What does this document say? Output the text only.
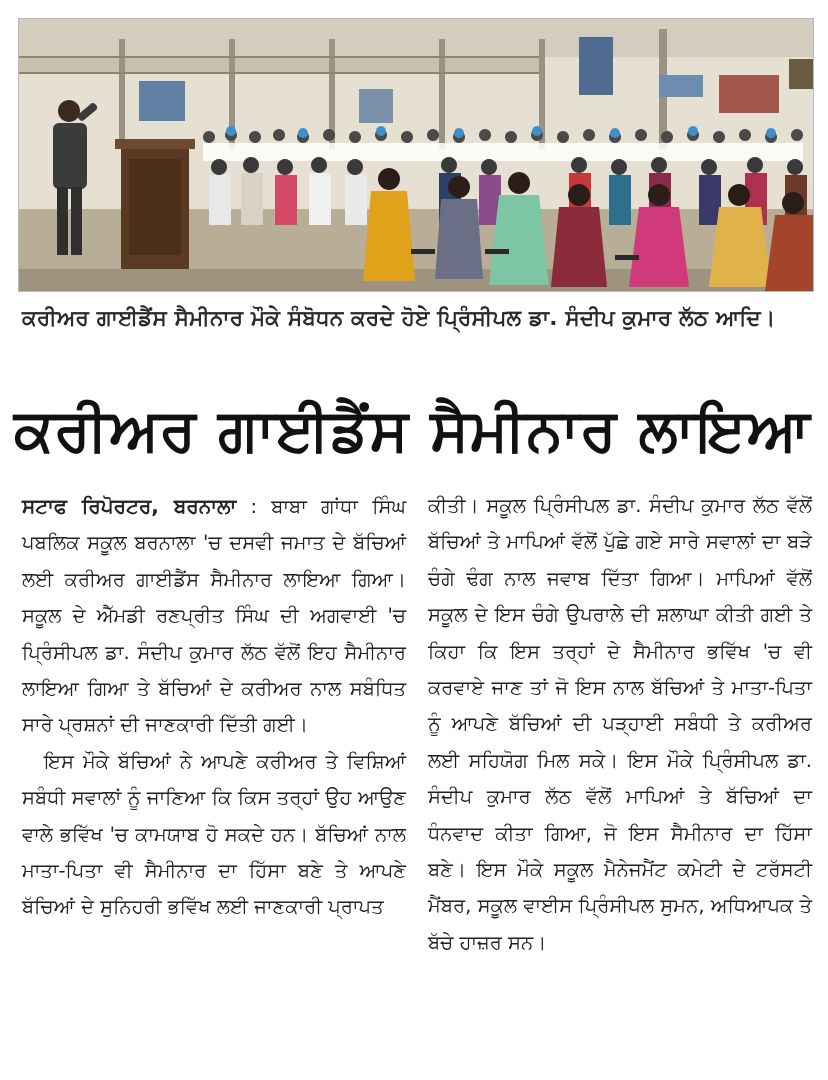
ਕਰੀਅਰ ਗਾਈਡੈਂਸ ਸੈਮੀਨਾਰ ਮੌਕੇ ਸੰਬੋਧਨ ਕਰਦੇ ਹੋਏ ਪ੍ਰਿੰਸੀਪਲ ਡਾ. ਸੰਦੀਪ ਕੁਮਾਰ ਲੱਠ ਆਦਿ।
ਕਰੀਅਰ ਗਾਈਡੈਂਸ ਸੈਮੀਨਾਰ ਲਾਇਆ

ਸਟਾਫ ਰਿਪੋਰਟਰ, ਬਰਨਾਲਾ : ਬਾਬਾ ਗਾਂਧਾ ਸਿੰਘ ਪਬਲਿਕ ਸਕੂਲ ਬਰਨਾਲਾ 'ਚ ਦਸਵੀ ਜਮਾਤ ਦੇ ਬੱਚਿਆਂ ਲਈ ਕਰੀਅਰ ਗਾਈਡੈਂਸ ਸੈਮੀਨਾਰ ਲਾਇਆ ਗਿਆ। ਸਕੂਲ ਦੇ ਐੱਮਡੀ ਰਣਪ੍ਰੀਤ ਸਿੰਘ ਦੀ ਅਗਵਾਈ 'ਚ ਪ੍ਰਿੰਸੀਪਲ ਡਾ. ਸੰਦੀਪ ਕੁਮਾਰ ਲੱਠ ਵੱਲੋਂ ਇਹ ਸੈਮੀਨਾਰ ਲਾਇਆ ਗਿਆ ਤੇ ਬੱਚਿਆਂ ਦੇ ਕਰੀਅਰ ਨਾਲ ਸਬੰਧਿਤ ਸਾਰੇ ਪ੍ਰਸ਼ਨਾਂ ਦੀ ਜਾਣਕਾਰੀ ਦਿੱਤੀ ਗਈ।

ਇਸ ਮੌਕੇ ਬੱਚਿਆਂ ਨੇ ਆਪਣੇ ਕਰੀਅਰ ਤੇ ਵਿਸ਼ਿਆਂ ਸਬੰਧੀ ਸਵਾਲਾਂ ਨੂੰ ਜਾਣਿਆ ਕਿ ਕਿਸ ਤਰ੍ਹਾਂ ਉਹ ਆਉਣ ਵਾਲੇ ਭਵਿੱਖ 'ਚ ਕਾਮਯਾਬ ਹੋ ਸਕਦੇ ਹਨ। ਬੱਚਿਆਂ ਨਾਲ ਮਾਤਾ-ਪਿਤਾ ਵੀ ਸੈਮੀਨਾਰ ਦਾ ਹਿੱਸਾ ਬਣੇ ਤੇ ਆਪਣੇ ਬੱਚਿਆਂ ਦੇ ਸੁਨਿਹਰੀ ਭਵਿੱਖ ਲਈ ਜਾਣਕਾਰੀ ਪ੍ਰਾਪਤ

ਕੀਤੀ। ਸਕੂਲ ਪ੍ਰਿੰਸੀਪਲ ਡਾ. ਸੰਦੀਪ ਕੁਮਾਰ ਲੱਠ ਵੱਲੋਂ ਬੱਚਿਆਂ ਤੇ ਮਾਪਿਆਂ ਵੱਲੋਂ ਪੁੱਛੇ ਗਏ ਸਾਰੇ ਸਵਾਲਾਂ ਦਾ ਬੜੇ ਚੰਗੇ ਢੰਗ ਨਾਲ ਜਵਾਬ ਦਿੱਤਾ ਗਿਆ। ਮਾਪਿਆਂ ਵੱਲੋਂ ਸਕੂਲ ਦੇ ਇਸ ਚੰਗੇ ਉਪਰਾਲੇ ਦੀ ਸ਼ਲਾਘਾ ਕੀਤੀ ਗਈ ਤੇ ਕਿਹਾ ਕਿ ਇਸ ਤਰ੍ਹਾਂ ਦੇ ਸੈਮੀਨਾਰ ਭਵਿੱਖ 'ਚ ਵੀ ਕਰਵਾਏ ਜਾਣ ਤਾਂ ਜੋ ਇਸ ਨਾਲ ਬੱਚਿਆਂ ਤੇ ਮਾਤਾ-ਪਿਤਾ ਨੂੰ ਆਪਣੇ ਬੱਚਿਆਂ ਦੀ ਪੜ੍ਹਾਈ ਸਬੰਧੀ ਤੇ ਕਰੀਅਰ ਲਈ ਸਹਿਯੋਗ ਮਿਲ ਸਕੇ। ਇਸ ਮੌਕੇ ਪ੍ਰਿੰਸੀਪਲ ਡਾ. ਸੰਦੀਪ ਕੁਮਾਰ ਲੱਠ ਵੱਲੋਂ ਮਾਪਿਆਂ ਤੇ ਬੱਚਿਆਂ ਦਾ ਧੰਨਵਾਦ ਕੀਤਾ ਗਿਆ, ਜੋ ਇਸ ਸੈਮੀਨਾਰ ਦਾ ਹਿੱਸਾ ਬਣੇ। ਇਸ ਮੌਕੇ ਸਕੂਲ ਮੈਨੇਜਮੈਂਟ ਕਮੇਟੀ ਦੇ ਟਰੱਸਟੀ ਮੈਂਬਰ, ਸਕੂਲ ਵਾਈਸ ਪ੍ਰਿੰਸੀਪਲ ਸੁਮਨ, ਅਧਿਆਪਕ ਤੇ ਬੱਚੇ ਹਾਜ਼ਰ ਸਨ।
